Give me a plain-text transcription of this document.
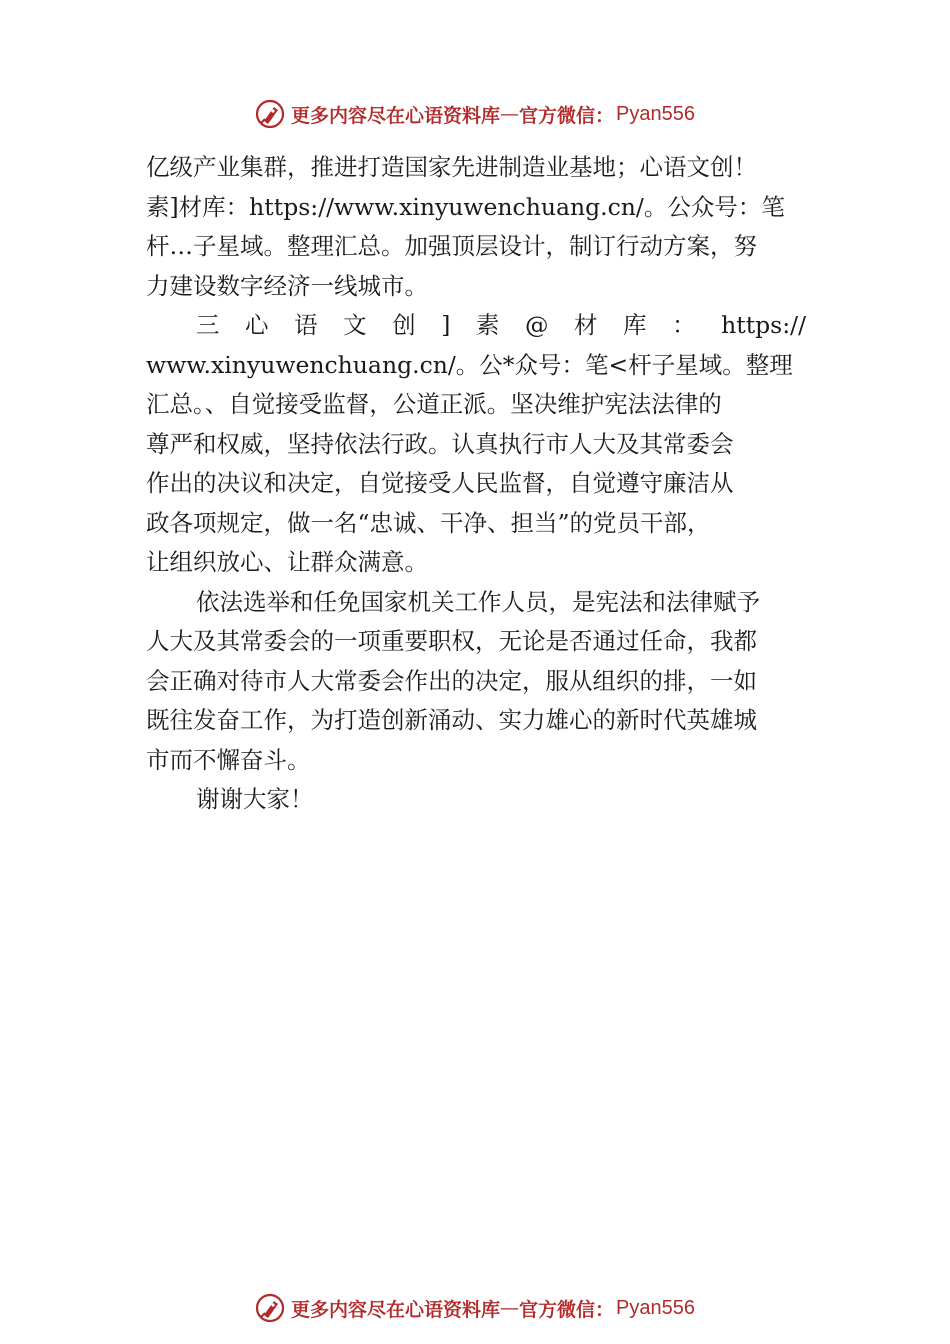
更多内容尽在心语资料库 — 官方微信： Pyan556

亿级产业集群，推进打造国家先进制造业基地；心语文创！
素]材库：https://www.xinyuwenchuang.cn/。公众号：笔
杆…子星域。整理汇总。加强顶层设计，制订行动方案，努
力建设数字经济一线城市。

三心语文创]素@材库：https://

www.xinyuwenchuang.cn/。公*众号：笔<杆子星域。整理
汇总。、自觉接受监督，公道正派。坚决维护宪法法律的
尊严和权威，坚持依法行政。认真执行市人大及其常委会
作出的决议和决定，自觉接受人民监督，自觉遵守廉洁从
政各项规定，做一名“忠诚、干净、担当”的党员干部，
让组织放心、让群众满意。

依法选举和任免国家机关工作人员，是宪法和法律赋予
人大及其常委会的一项重要职权，无论是否通过任命，我都
会正确对待市人大常委会作出的决定，服从组织的排，一如
既往发奋工作，为打造创新涌动、实力雄心的新时代英雄城
市而不懈奋斗。

谢谢大家！

更多内容尽在心语资料库 — 官方微信： Pyan556
